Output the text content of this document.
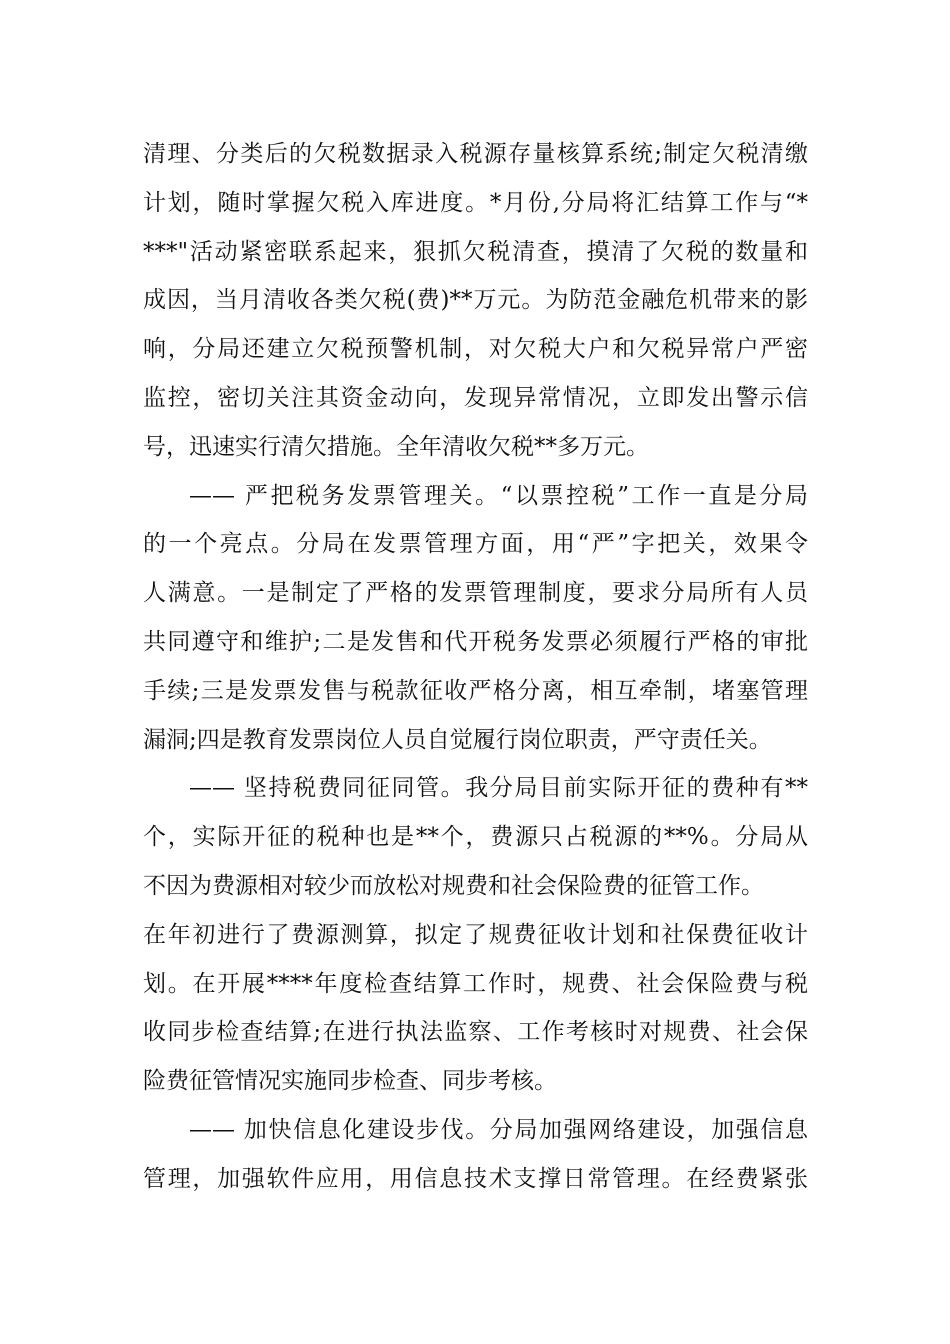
清理、分类后的欠税数据录入税源存量核算系统;制定欠税清缴
计划，随时掌握欠税入库进度。*月份,分局将汇结算工作与“*
***"活动紧密联系起来，狠抓欠税清查，摸清了欠税的数量和
成因，当月清收各类欠税(费)**万元。为防范金融危机带来的影
响，分局还建立欠税预警机制，对欠税大户和欠税异常户严密
监控，密切关注其资金动向，发现异常情况，立即发出警示信
号，迅速实行清欠措施。全年清收欠税**多万元。
—— 严把税务发票管理关。“以票控税”工作一直是分局
的一个亮点。分局在发票管理方面，用“严”字把关，效果令
人满意。一是制定了严格的发票管理制度，要求分局所有人员
共同遵守和维护;二是发售和代开税务发票必须履行严格的审批
手续;三是发票发售与税款征收严格分离，相互牵制，堵塞管理
漏洞;四是教育发票岗位人员自觉履行岗位职责，严守责任关。
—— 坚持税费同征同管。我分局目前实际开征的费种有**
个，实际开征的税种也是**个，费源只占税源的**%。分局从
不因为费源相对较少而放松对规费和社会保险费的征管工作。
在年初进行了费源测算，拟定了规费征收计划和社保费征收计
划。在开展****年度检查结算工作时，规费、社会保险费与税
收同步检查结算;在进行执法监察、工作考核时对规费、社会保
险费征管情况实施同步检查、同步考核。
—— 加快信息化建设步伐。分局加强网络建设，加强信息
管理，加强软件应用，用信息技术支撑日常管理。在经费紧张
